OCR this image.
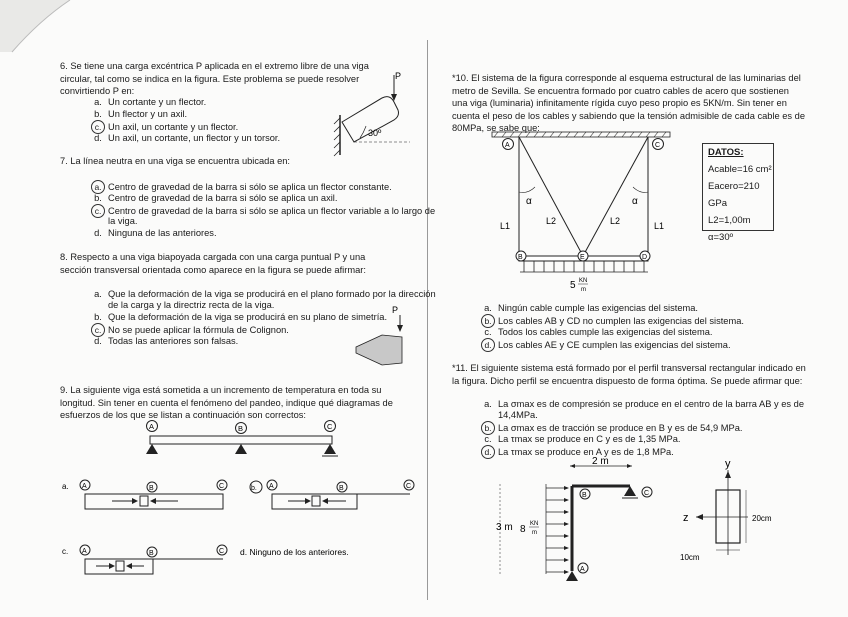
6. Se tiene una carga excéntrica P aplicada en el extremo libre de una viga circular, tal como se indica en la figura. Este problema se puede resolver convirtiendo P en:

a. Un cortante y un flector.
b. Un flector y un axil.
c. Un axil, un cortante y un flector.
d. Un axil, un cortante, un flector y un torsor.
P
30º

7. La línea neutra en una viga se encuentra ubicada en:

a. Centro de gravedad de la barra si sólo se aplica un flector constante.
b. Centro de gravedad de la barra si sólo se aplica un axil.
c. Centro de gravedad de la barra si sólo se aplica un flector variable a lo largo de
la viga.
d. Ninguna de las anteriores.

8. Respecto a una viga biapoyada cargada con una carga puntual P y una sección transversal orientada como aparece en la figura se puede afirmar:

a. Que la deformación de la viga se producirá en el plano formado por la dirección
de la carga y la directriz recta de la viga.
b. Que la deformación de la viga se producirá en su plano de simetría.
c. No se puede aplicar la fórmula de Colignon.
d. Todas las anteriores son falsas.
P

9. La siguiente viga está sometida a un incremento de temperatura en toda su longitud. Sin tener en cuenta el fenómeno del pandeo, indique qué diagramas de esfuerzos de los que se listan a continuación son correctos:

A	B	C
a. A	B	C	b. A	B	C
c. A	B	C d. Ninguno de los anteriores.

*10. El sistema de la figura corresponde al esquema estructural de las luminarias del metro de Sevilla. Se encuentra formado por cuatro cables de acero que sostienen una viga (luminaria) infinitamente rígida cuyo peso propio es 5KN/m. Sin tener en cuenta el peso de los cables y sabiendo que la tensión admisible de cada cable es de 80MPa, se sabe que:

A	C
α	α
L2	L2
L1	L1
B	E	D
5 KN
m
DATOS:
Acable=16 cm²
Eacero=210 GPa
L2=1,00m
α=30º
a. Ningún cable cumple las exigencias del sistema.
b. Los cables AB y CD no cumplen las exigencias del sistema.
c. Todos los cables cumple las exigencias del sistema.
d. Los cables AE y CE cumplen las exigencias del sistema.

*11. El siguiente sistema está formado por el perfil transversal rectangular indicado en la figura. Dicho perfil se encuentra dispuesto de forma óptima. Se puede afirmar que:

a. La σmax es de compresión se produce en el centro de la barra AB y es de
14,4MPa.
b. La σmax es de tracción se produce en B y es de 54,9 MPa.
c. La τmax se produce en C y es de 1,35 MPa.
d. La τmax se produce en A y es de 1,8 MPa.
2 m
3 m 8 KN
m
B	C
A
y
z	20cm
10cm
